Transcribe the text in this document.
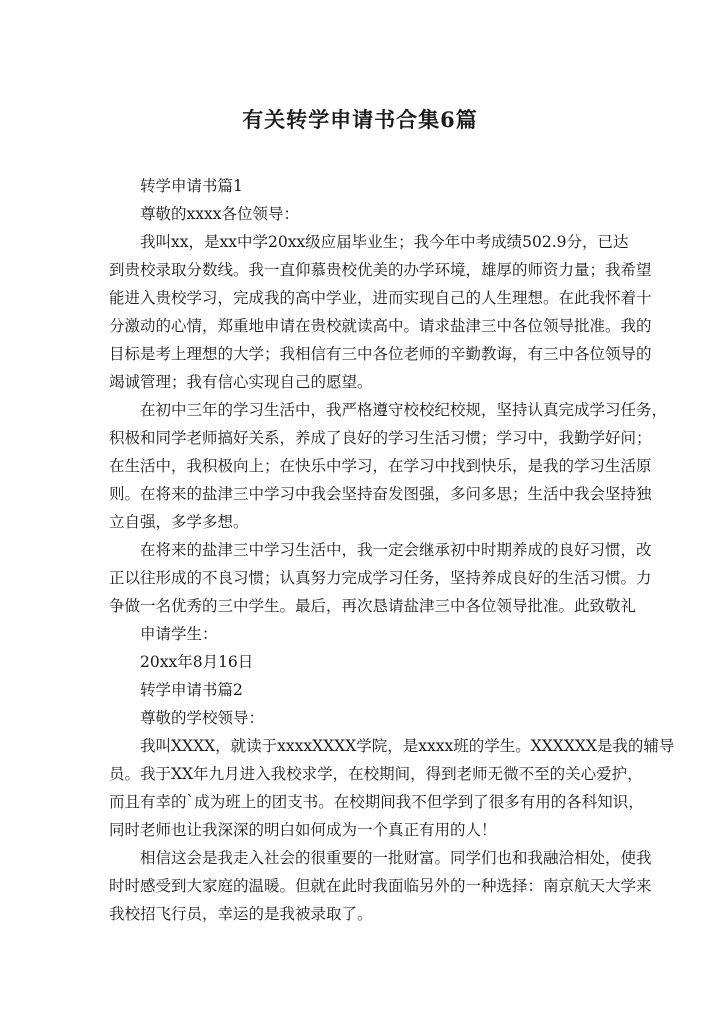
有关转学申请书合集6篇
转学申请书篇1
尊敬的xxxx各位领导：
我叫xx，是xx中学20xx级应届毕业生；我今年中考成绩502.9分，已达
到贵校录取分数线。我一直仰慕贵校优美的办学环境，雄厚的师资力量；我希望
能进入贵校学习，完成我的高中学业，进而实现自己的人生理想。在此我怀着十
分激动的心情，郑重地申请在贵校就读高中。请求盐津三中各位领导批准。我的
目标是考上理想的大学；我相信有三中各位老师的辛勤教诲，有三中各位领导的
竭诚管理；我有信心实现自己的愿望。
在初中三年的学习生活中，我严格遵守校校纪校规，坚持认真完成学习任务，
积极和同学老师搞好关系，养成了良好的学习生活习惯；学习中，我勤学好问；
在生活中，我积极向上；在快乐中学习，在学习中找到快乐，是我的学习生活原
则。在将来的盐津三中学习中我会坚持奋发图强，多问多思；生活中我会坚持独
立自强，多学多想。
在将来的盐津三中学习生活中，我一定会继承初中时期养成的良好习惯，改
正以往形成的不良习惯；认真努力完成学习任务，坚持养成良好的生活习惯。力
争做一名优秀的三中学生。最后，再次恳请盐津三中各位领导批准。此致敬礼
申请学生：
20xx年8月16日
转学申请书篇2
尊敬的学校领导：
我叫XXXX，就读于xxxxXXXX学院，是xxxx班的学生。XXXXXX是我的辅导
员。我于XX年九月进入我校求学，在校期间，得到老师无微不至的关心爱护，
而且有幸的`成为班上的团支书。在校期间我不但学到了很多有用的各科知识，
同时老师也让我深深的明白如何成为一个真正有用的人！
相信这会是我走入社会的很重要的一批财富。同学们也和我融洽相处，使我
时时感受到大家庭的温暖。但就在此时我面临另外的一种选择：南京航天大学来
我校招飞行员，幸运的是我被录取了。
